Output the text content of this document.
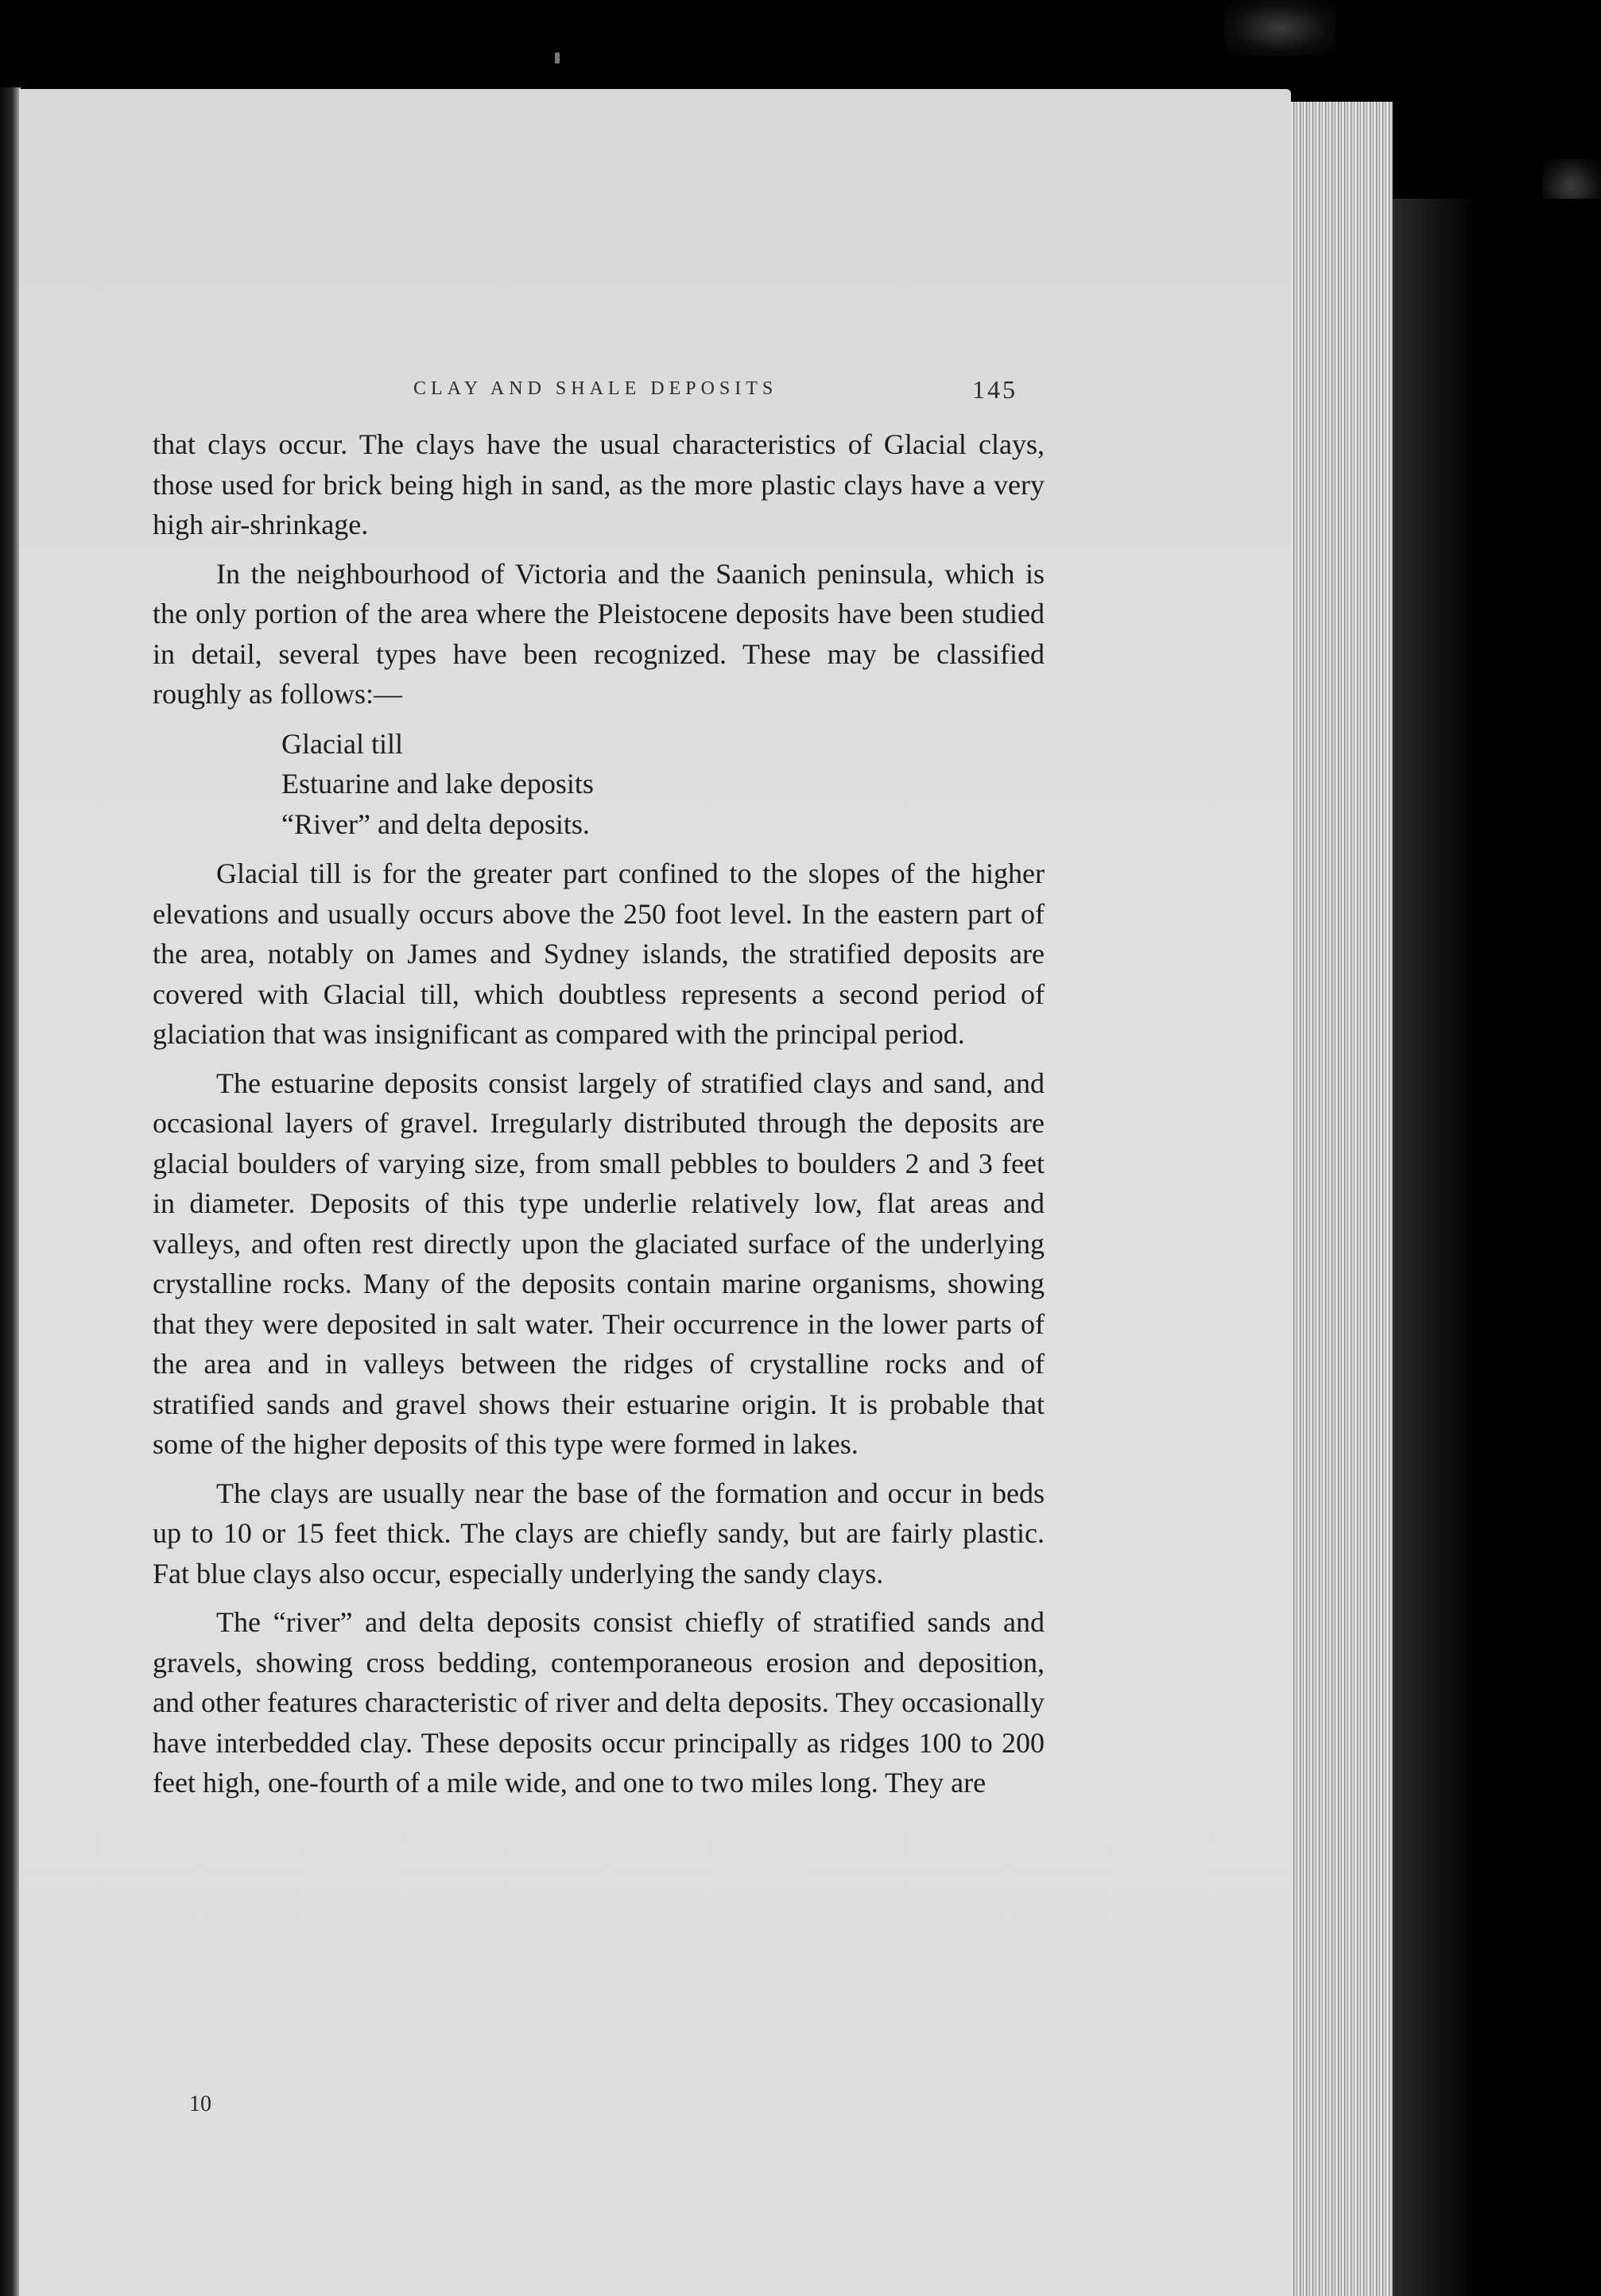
CLAY AND SHALE DEPOSITS	145

that clays occur. The clays have the usual characteristics of Glacial clays, those used for brick being high in sand, as the more plastic clays have a very high air-shrinkage.

In the neighbourhood of Victoria and the Saanich peninsula, which is the only portion of the area where the Pleistocene deposits have been studied in detail, several types have been recognized. These may be classified roughly as follows:—

Glacial till
Estuarine and lake deposits
“River” and delta deposits.

Glacial till is for the greater part confined to the slopes of the higher elevations and usually occurs above the 250 foot level. In the eastern part of the area, notably on James and Sydney islands, the stratified deposits are covered with Glacial till, which doubtless represents a second period of glaciation that was insignificant as compared with the principal period.

The estuarine deposits consist largely of stratified clays and sand, and occasional layers of gravel. Irregularly distributed through the deposits are glacial boulders of varying size, from small pebbles to boulders 2 and 3 feet in diameter. Deposits of this type underlie relatively low, flat areas and valleys, and often rest directly upon the glaciated surface of the underlying crystalline rocks. Many of the deposits contain marine organisms, showing that they were deposited in salt water. Their occurrence in the lower parts of the area and in valleys between the ridges of crystalline rocks and of stratified sands and gravel shows their estuarine origin. It is probable that some of the higher deposits of this type were formed in lakes.

The clays are usually near the base of the formation and occur in beds up to 10 or 15 feet thick. The clays are chiefly sandy, but are fairly plastic. Fat blue clays also occur, especially underlying the sandy clays.

The “river” and delta deposits consist chiefly of stratified sands and gravels, showing cross bedding, contemporaneous erosion and deposition, and other features characteristic of river and delta deposits. They occasionally have interbedded clay. These deposits occur principally as ridges 100 to 200 feet high, one-fourth of a mile wide, and one to two miles long. They are

10
